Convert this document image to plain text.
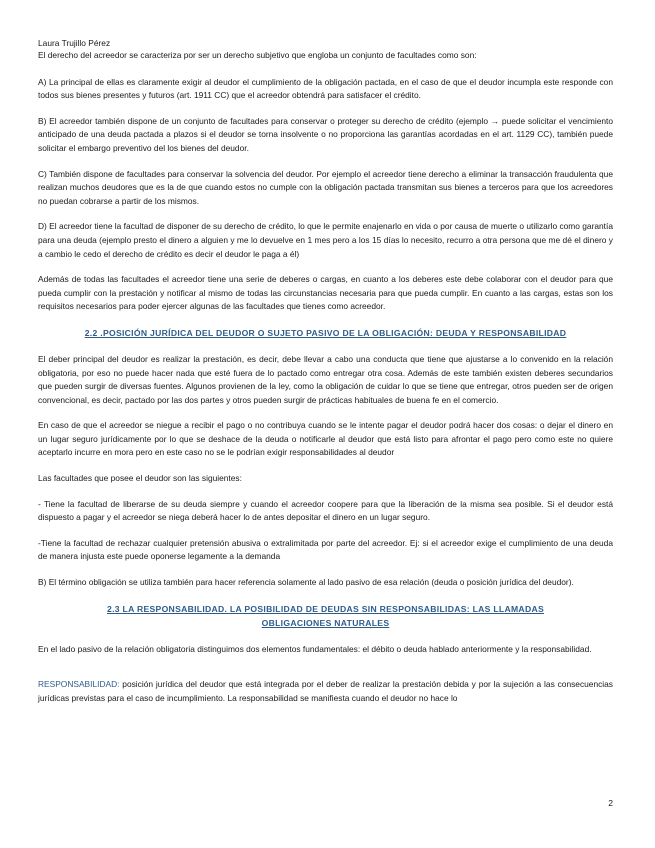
Laura Trujillo Pérez

El derecho del acreedor se caracteriza por ser un derecho subjetivo que engloba un conjunto de facultades como son:

A) La principal de ellas es claramente exigir al deudor el cumplimiento de la obligación pactada, en el caso de que el deudor incumpla este responde con todos sus bienes presentes y futuros (art. 1911 CC) que el acreedor obtendrá para satisfacer el crédito.

B) El acreedor también dispone de un conjunto de facultades para conservar o proteger su derecho de crédito (ejemplo → puede solicitar el vencimiento anticipado de una deuda pactada a plazos si el deudor se torna insolvente o no proporciona las garantías acordadas en el art. 1129 CC), también puede solicitar el embargo preventivo del los bienes del deudor.

C) También dispone de facultades para conservar la solvencia del deudor. Por ejemplo el acreedor tiene derecho a eliminar la transacción fraudulenta que realizan muchos deudores que es la de que cuando estos no cumple con la obligación pactada transmitan sus bienes a terceros para que los acreedores no puedan cobrarse a partir de los mismos.

D) El acreedor tiene la facultad de disponer de su derecho de crédito, lo que le permite enajenarlo en vida o por causa de muerte o utilizarlo como garantía para una deuda (ejemplo presto el dinero a alguien y me lo devuelve en 1 mes pero a los 15 días lo necesito, recurro a otra persona que me dé el dinero y a cambio le cedo el derecho de crédito es decir el deudor le paga a él)

Además de todas las facultades el acreedor tiene una serie de deberes o cargas, en cuanto a los deberes este debe colaborar con el deudor para que pueda cumplir con la prestación y notificar al mismo de todas las circunstancias necesaria para que pueda cumplir. En cuanto a las cargas, estas son los requisitos necesarios para poder ejercer algunas de las facultades que tienes como acreedor.

2.2 .POSICIÓN JURÍDICA DEL DEUDOR O SUJETO PASIVO DE LA OBLIGACIÓN: DEUDA Y RESPONSABILIDAD

El deber principal del deudor es realizar la prestación, es decir, debe llevar a cabo una conducta que tiene que ajustarse a lo convenido en la relación obligatoria, por eso no puede hacer nada que esté fuera de lo pactado como entregar otra cosa. Además de este también existen deberes secundarios que pueden surgir de diversas fuentes. Algunos provienen de la ley, como la obligación de cuidar lo que se tiene que entregar, otros pueden ser de origen convencional, es decir, pactado por las dos partes y otros pueden surgir de prácticas habituales de buena fe en el comercio.

En caso de que el acreedor se niegue a recibir el pago o no contribuya cuando se le intente pagar el deudor podrá hacer dos cosas: o dejar el dinero en un lugar seguro jurídicamente por lo que se deshace de la deuda o notificarle al deudor que está listo para afrontar el pago pero como este no quiere aceptarlo incurre en mora pero en este caso no se le podrían exigir responsabilidades al deudor

Las facultades que posee el deudor son las siguientes:

- Tiene la facultad de liberarse de su deuda siempre y cuando el acreedor coopere para que la liberación de la misma sea posible. Si el deudor está dispuesto a pagar y el acreedor se niega deberá hacer lo de antes depositar el dinero en un lugar seguro.

-Tiene la facultad de rechazar cualquier pretensión abusiva o extralimitada por parte del acreedor. Ej: si el acreedor exige el cumplimiento de una deuda de manera injusta este puede oponerse legamente a la demanda

B) El término obligación se utiliza también para hacer referencia solamente al lado pasivo de esa relación (deuda o posición jurídica del deudor).

2.3 LA RESPONSABILIDAD. LA POSIBILIDAD DE DEUDAS SIN RESPONSABILIDAS: LAS LLAMADAS OBLIGACIONES NATURALES

En el lado pasivo de la relación obligatoria distinguimos dos elementos fundamentales: el débito o deuda hablado anteriormente y la responsabilidad.

RESPONSABILIDAD: posición jurídica del deudor que está integrada por el deber de realizar la prestación debida y por la sujeción a las consecuencias jurídicas previstas para el caso de incumplimiento. La responsabilidad se manifiesta cuando el deudor no hace lo

2
